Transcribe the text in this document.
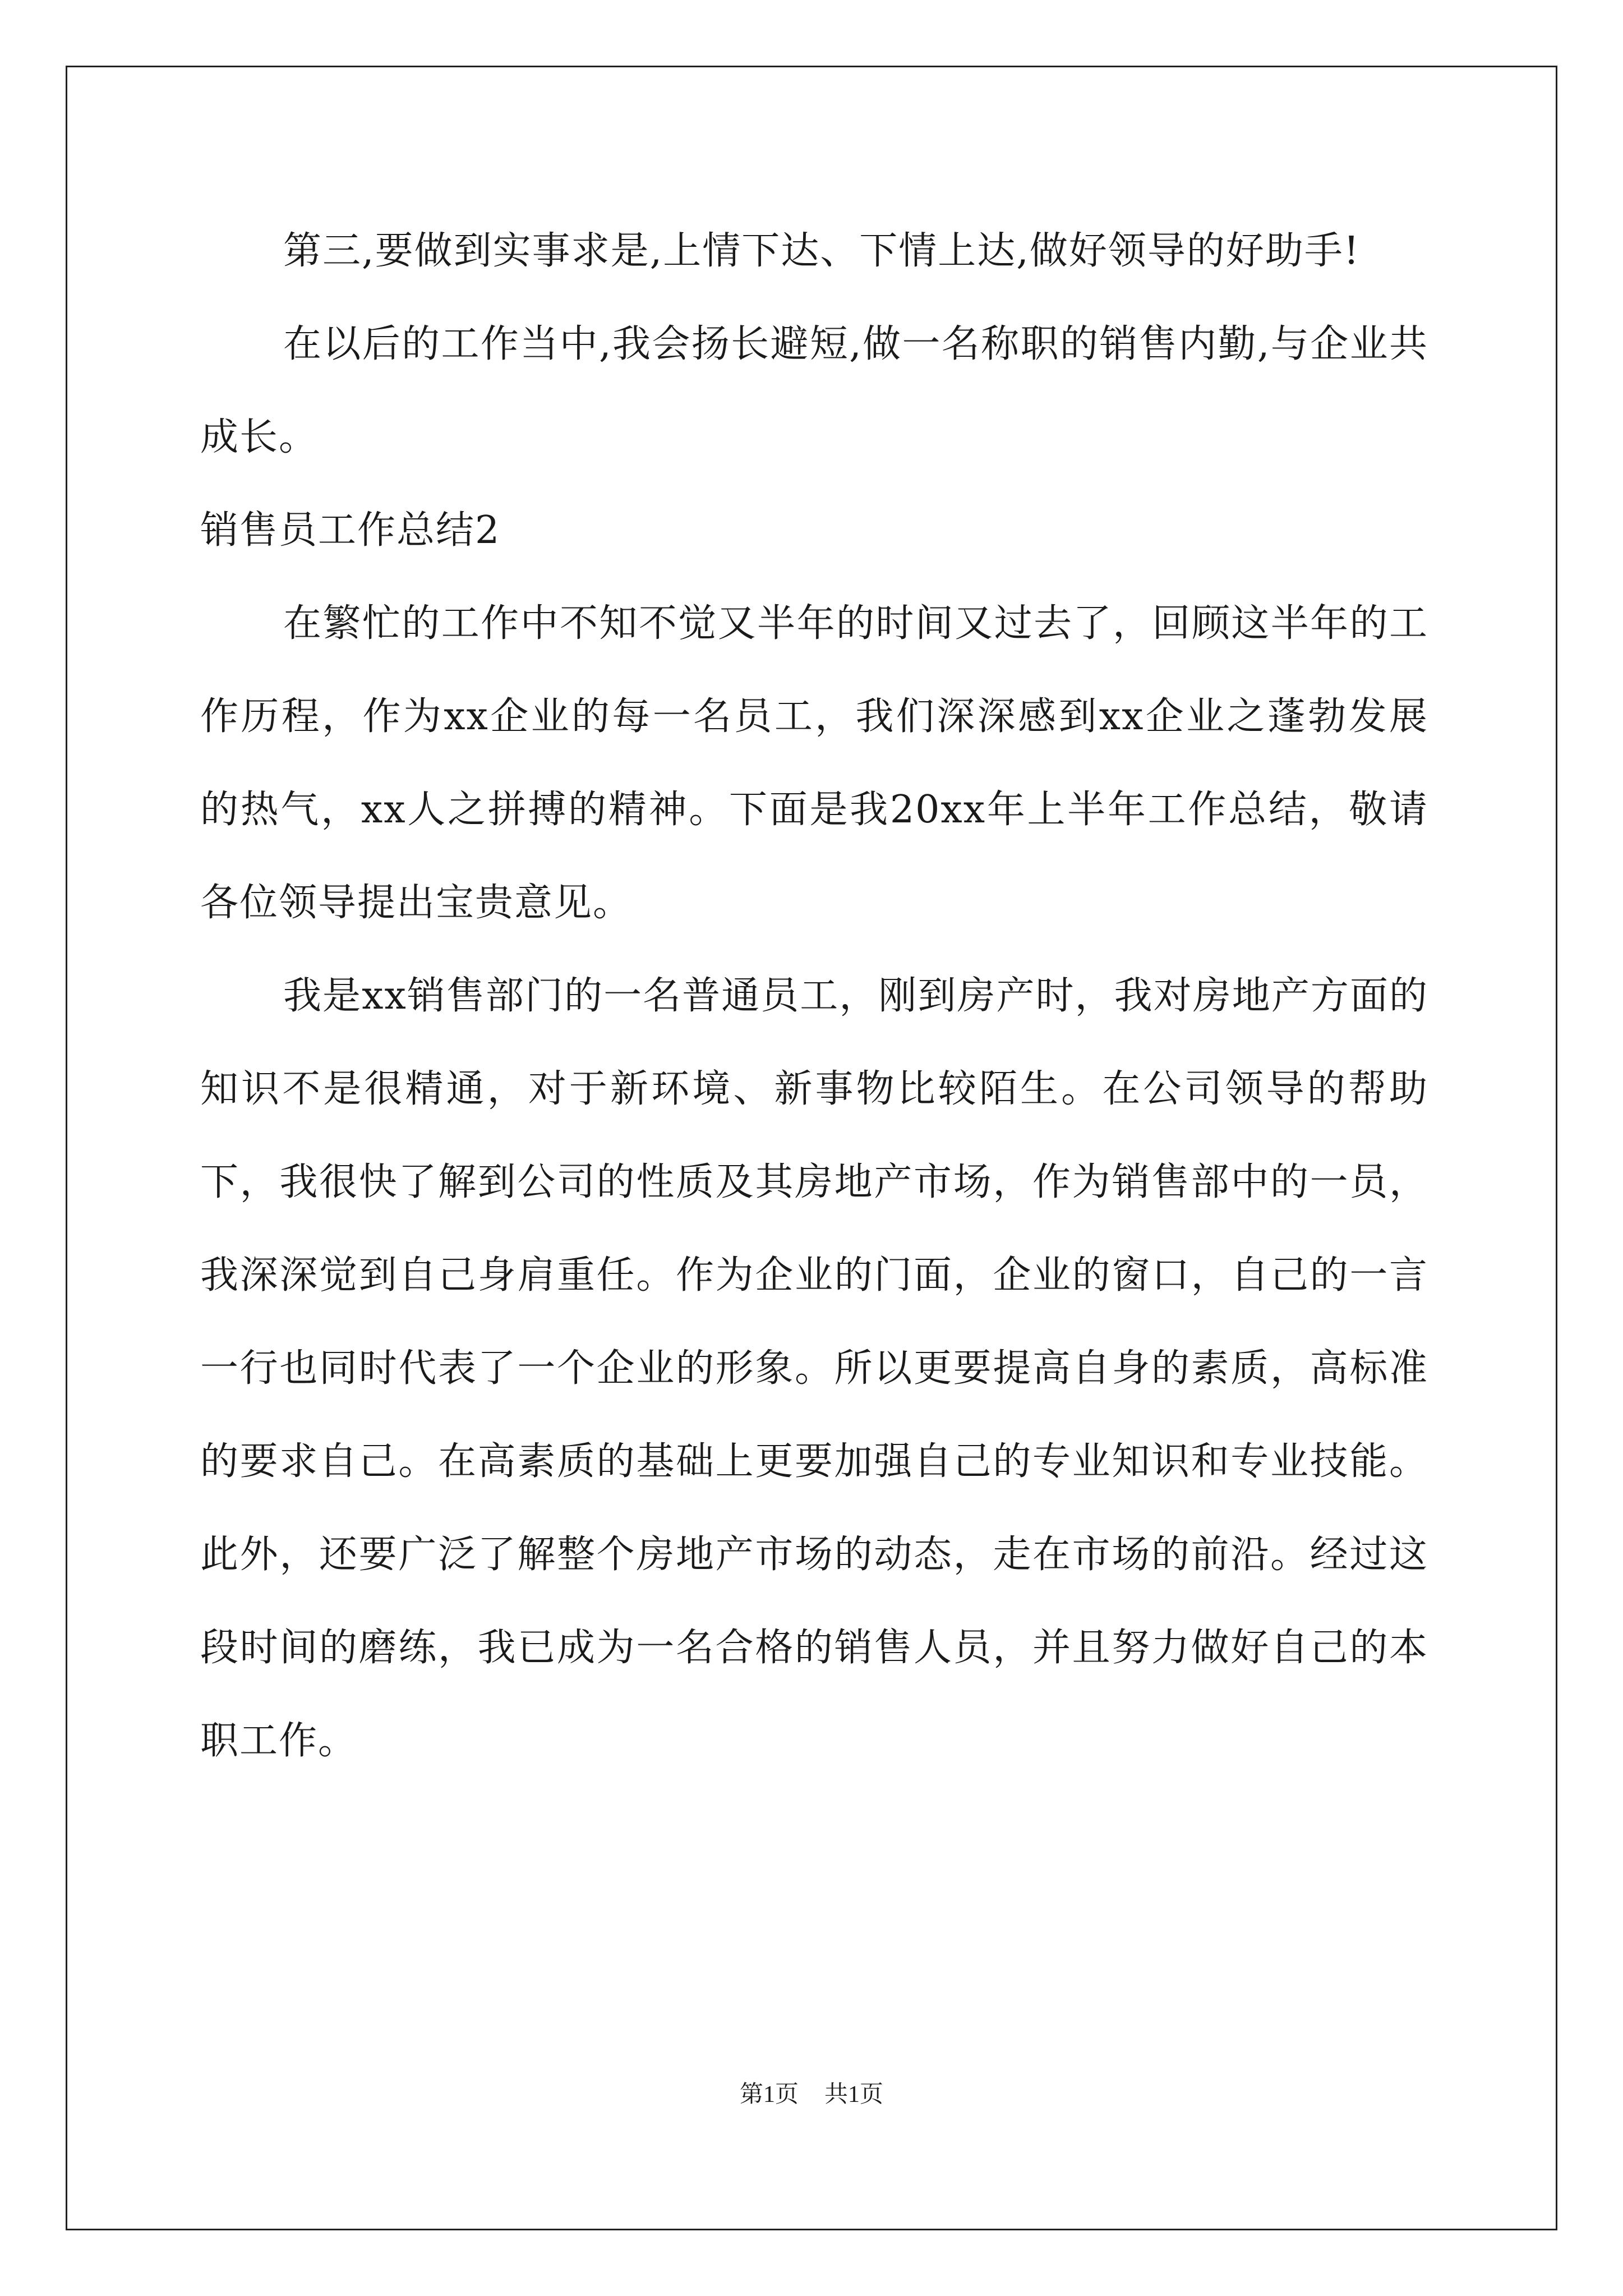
第三,要做到实事求是,上情下达、下情上达,做好领导的好助手!

在以后的工作当中,我会扬长避短,做一名称职的销售内勤,与企业共成长。

销售员工作总结2

在繁忙的工作中不知不觉又半年的时间又过去了，回顾这半年的工作历程，作为xx企业的每一名员工，我们深深感到xx企业之蓬勃发展的热气，xx人之拼搏的精神。下面是我20xx年上半年工作总结，敬请各位领导提出宝贵意见。

我是xx销售部门的一名普通员工，刚到房产时，我对房地产方面的知识不是很精通，对于新环境、新事物比较陌生。在公司领导的帮助下，我很快了解到公司的性质及其房地产市场，作为销售部中的一员，我深深觉到自己身肩重任。作为企业的门面，企业的窗口，自己的一言一行也同时代表了一个企业的形象。所以更要提高自身的素质，高标准的要求自己。在高素质的基础上更要加强自己的专业知识和专业技能。此外，还要广泛了解整个房地产市场的动态，走在市场的前沿。经过这段时间的磨练，我已成为一名合格的销售人员，并且努力做好自己的本职工作。

第1页 共1页
